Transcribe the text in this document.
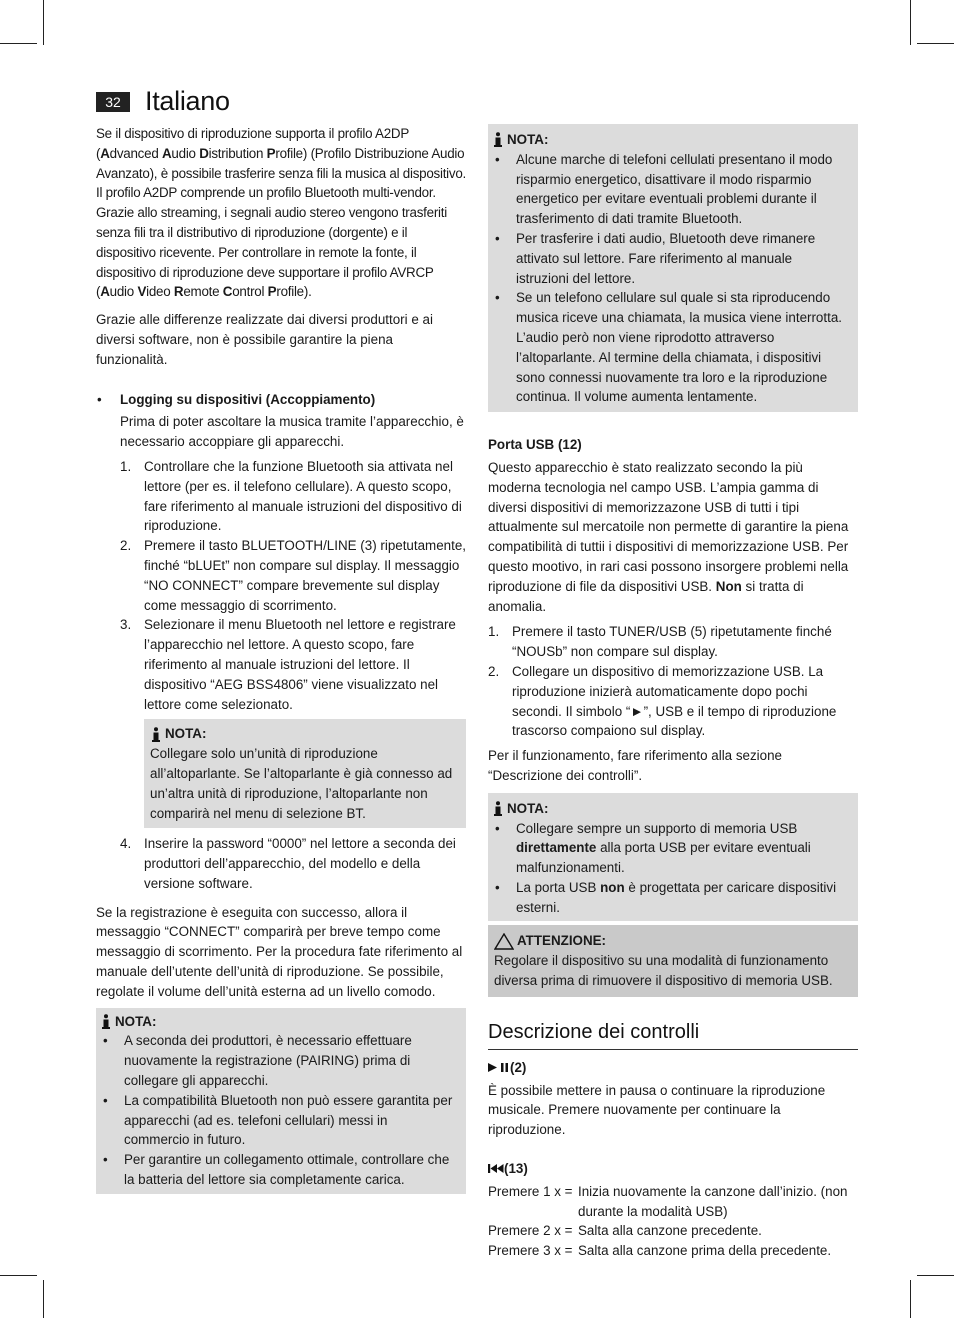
32 Italiano

Se il dispositivo di riproduzione supporta il profilo A2DP (Advanced Audio Distribution Profile) (Profilo Distribuzione Audio Avanzato), è possibile trasferire senza fili la musica al dispositivo. Il profilo A2DP comprende un profilo Bluetooth multi-vendor. Grazie allo streaming, i segnali audio stereo vengono trasferiti senza fili tra il distributivo di riproduzione (dorgente) e il dispositivo ricevente. Per controllare in remote la fonte, il dispositivo di riproduzione deve supportare il profilo AVRCP (Audio Video Remote Control Profile).

Grazie alle differenze realizzate dai diversi produttori e ai diversi software, non è possibile garantire la piena funzionalità.

• Logging su dispositivi (Accoppiamento)

Prima di poter ascoltare la musica tramite l’apparecchio, è necessario accoppiare gli apparecchi.

1. Controllare che la funzione Bluetooth sia attivata nel lettore (per es. il telefono cellulare). A questo scopo, fare riferimento al manuale istruzioni del dispositivo di riproduzione.
2. Premere il tasto BLUETOOTH/LINE (3) ripetutamente, finché “bLUEt” non compare sul display. Il messaggio “NO CONNECT” compare brevemente sul display come messaggio di scorrimento.
3. Selezionare il menu Bluetooth nel lettore e registrare l’apparecchio nel lettore. A questo scopo, fare riferimento al manuale istruzioni del lettore. Il dispositivo “AEG BSS4806” viene visualizzato nel lettore come selezionato.
NOTA:

Collegare solo un’unità di riproduzione all’altoparlante. Se l’altoparlante è già connesso ad un’altra unità di riproduzione, l’altoparlante non comparirà nel menu di selezione BT.

4. Inserire la password “0000” nel lettore a seconda dei produttori dell’apparecchio, del modello e della versione software.

Se la registrazione è eseguita con successo, allora il messaggio “CONNECT” comparirà per breve tempo come messaggio di scorrimento. Per la procedura fate riferimento al manuale dell’utente dell’unità di riproduzione. Se possibile, regolate il volume dell’unità esterna ad un livello comodo.

NOTA:
• A seconda dei produttori, è necessario effettuare nuovamente la registrazione (PAIRING) prima di collegare gli apparecchi.
• La compatibilità Bluetooth non può essere garantita per apparecchi (ad es. telefoni cellulari) messi in commercio in futuro.
• Per garantire un collegamento ottimale, controllare che la batteria del lettore sia completamente carica.
NOTA:
• Alcune marche di telefoni cellulati presentano il modo risparmio energetico, disattivare il modo risparmio energetico per evitare eventuali problemi durante il trasferimento di dati tramite Bluetooth.
• Per trasferire i dati audio, Bluetooth deve rimanere attivato sul lettore. Fare riferimento al manuale istruzioni del lettore.
• Se un telefono cellulare sul quale si sta riproducendo musica riceve una chiamata, la musica viene interrotta. L’audio però non viene riprodotto attraverso l’altoparlante. Al termine della chiamata, i dispositivi sono connessi nuovamente tra loro e la riproduzione continua. Il volume aumenta lentamente.

Porta USB (12)

Questo apparecchio è stato realizzato secondo la più moderna tecnologia nel campo USB. L’ampia gamma di diversi dispositivi di memorizzazone USB di tutti i tipi attualmente sul mercatoile non permette di garantire la piena compatibilità di tuttii i dispositivi di memorizzazione USB. Per questo mootivo, in rari casi possono insorgere problemi nella riproduzione di file da dispositivi USB. Non si tratta di anomalia.

1. Premere il tasto TUNER/USB (5) ripetutamente finché “NOUSb” non compare sul display.
2. Collegare un dispositivo di memorizzazione USB. La riproduzione inizierà automaticamente dopo pochi secondi. Il simbolo “►”, USB e il tempo di riproduzione trascorso compaiono sul display.

Per il funzionamento, fare riferimento alla sezione “Descrizione dei controlli”.

NOTA:
• Collegare sempre un supporto di memoria USB direttamente alla porta USB per evitare eventuali malfunzionamenti.
• La porta USB non è progettata per caricare dispositivi esterni.
ATTENZIONE:

Regolare il dispositivo su una modalità di funzionamento diversa prima di rimuovere il dispositivo di memoria USB.

Descrizione dei controlli

(2)

È possibile mettere in pausa o continuare la riproduzione musicale. Premere nuovamente per continuare la riproduzione.

(13)

Premere 1 x = Inizia nuovamente la canzone dall’inizio. (non durante la modalità USB)
Premere 2 x = Salta alla canzone precedente.
Premere 3 x = Salta alla canzone prima della precedente.
